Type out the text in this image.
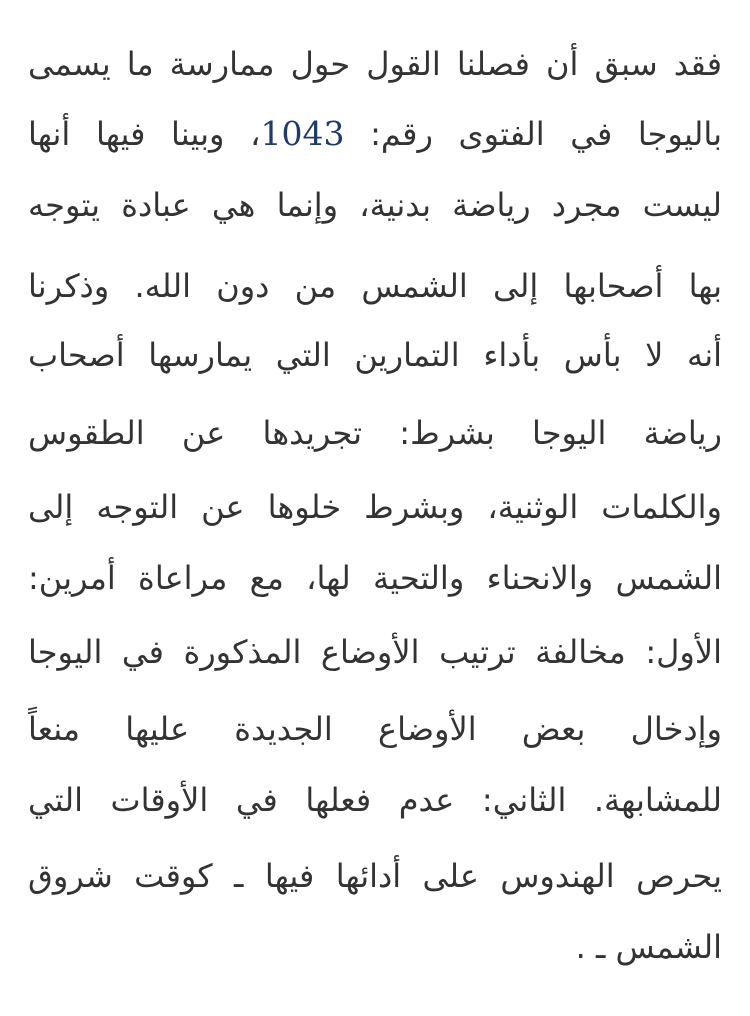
فقد سبق أن فصلنا القول حول ممارسة ما يسمى
باليوجا في الفتوى رقم: 1043، وبينا فيها أنها
ليست مجرد رياضة بدنية، وإنما هي عبادة يتوجه
بها أصحابها إلى الشمس من دون الله. وذكرنا
أنه لا بأس بأداء التمارين التي يمارسها أصحاب
رياضة اليوجا بشرط: تجريدها عن الطقوس
والكلمات الوثنية، وبشرط خلوها عن التوجه إلى
الشمس والانحناء والتحية لها، مع مراعاة أمرين:
الأول: مخالفة ترتيب الأوضاع المذكورة في اليوجا
وإدخال بعض الأوضاع الجديدة عليها منعاً
للمشابهة. الثاني: عدم فعلها في الأوقات التي
يحرص الهندوس على أدائها فيها ـ كوقت شروق
الشمس ـ .
